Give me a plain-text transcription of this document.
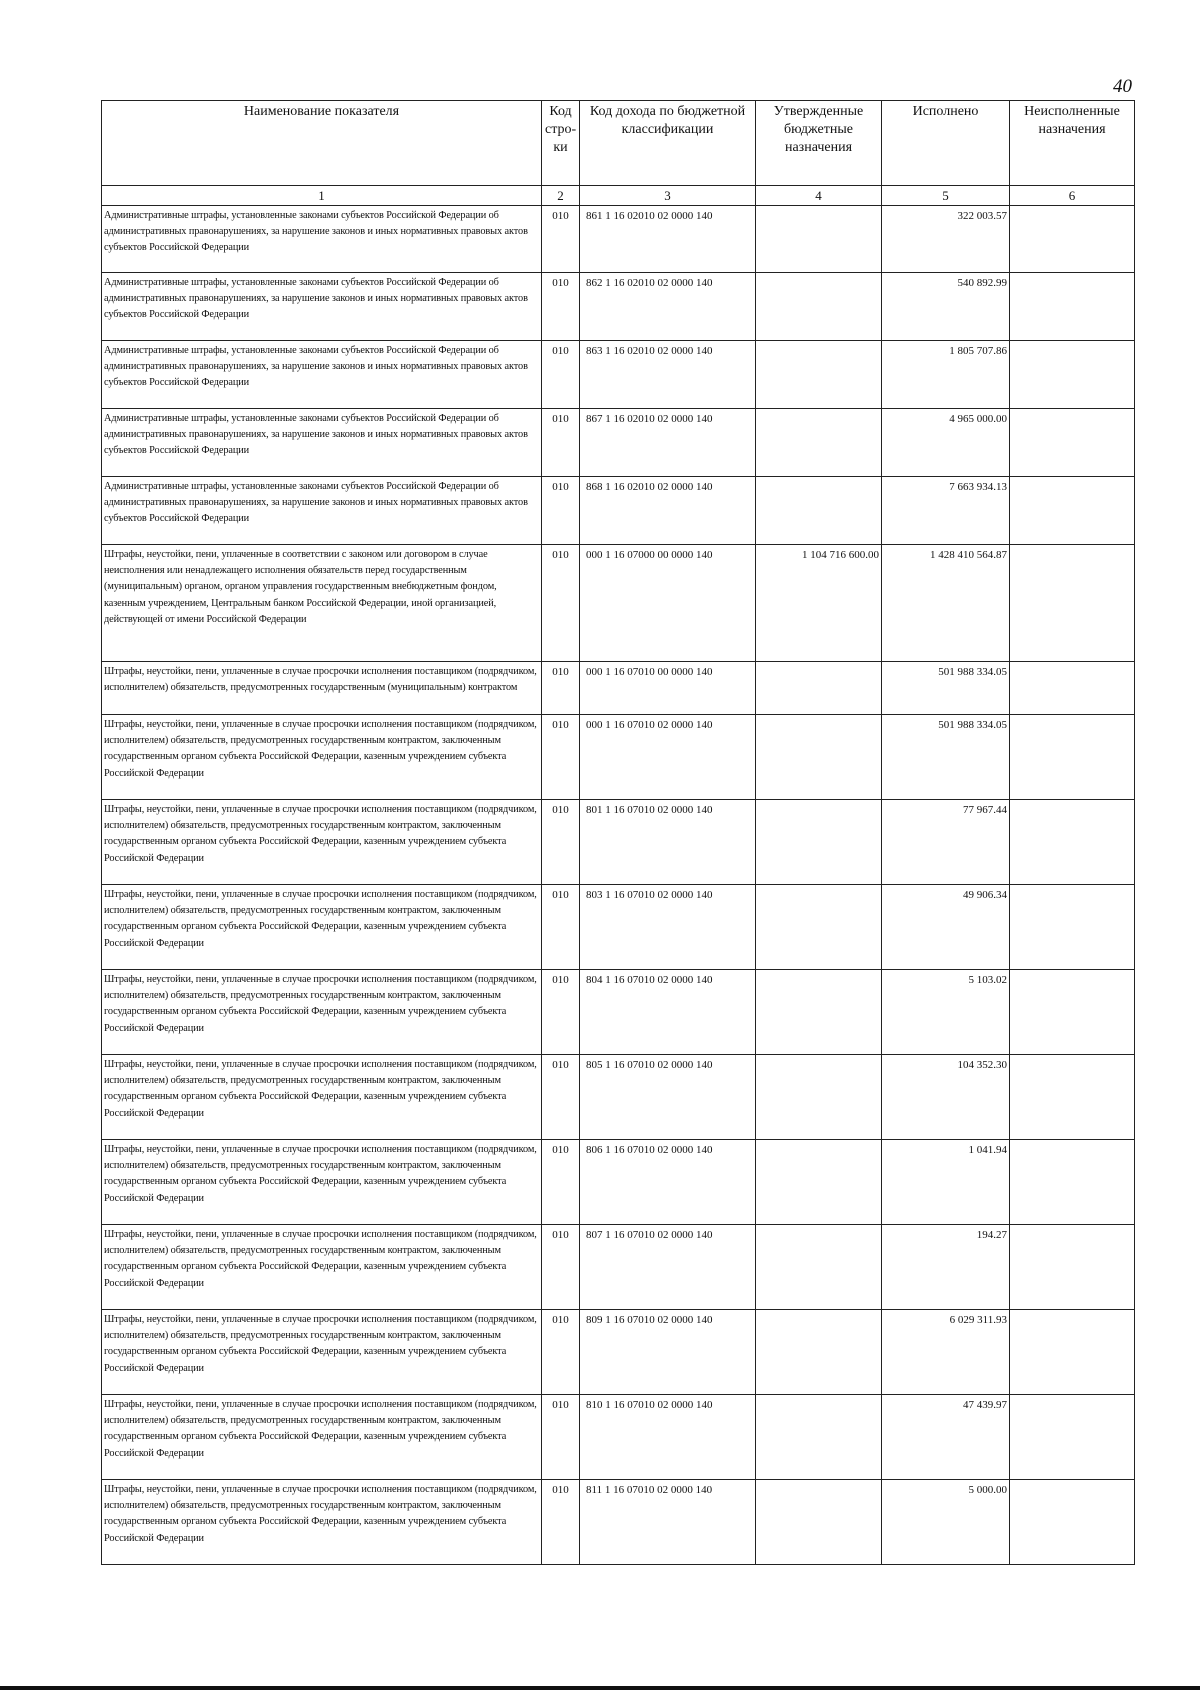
40
Наименование показателя	Код стро-ки	Код дохода по бюджетной классификации	Утвержденные бюджетные назначения	Исполнено	Неисполненные назначения
1	2	3	4	5	6
Административные штрафы, установленные законами субъектов Российской Федерации об административных правонарушениях, за нарушение законов и иных нормативных правовых актов субъектов Российской Федерации	010	861 1 16 02010 02 0000 140		322 003.57	
Административные штрафы, установленные законами субъектов Российской Федерации об административных правонарушениях, за нарушение законов и иных нормативных правовых актов субъектов Российской Федерации	010	862 1 16 02010 02 0000 140		540 892.99	
Административные штрафы, установленные законами субъектов Российской Федерации об административных правонарушениях, за нарушение законов и иных нормативных правовых актов субъектов Российской Федерации	010	863 1 16 02010 02 0000 140		1 805 707.86	
Административные штрафы, установленные законами субъектов Российской Федерации об административных правонарушениях, за нарушение законов и иных нормативных правовых актов субъектов Российской Федерации	010	867 1 16 02010 02 0000 140		4 965 000.00	
Административные штрафы, установленные законами субъектов Российской Федерации об административных правонарушениях, за нарушение законов и иных нормативных правовых актов субъектов Российской Федерации	010	868 1 16 02010 02 0000 140		7 663 934.13	
Штрафы, неустойки, пени, уплаченные в соответствии с законом или договором в случае неисполнения или ненадлежащего исполнения обязательств перед государственным (муниципальным) органом, органом управления государственным внебюджетным фондом, казенным учреждением, Центральным банком Российской Федерации, иной организацией, действующей от имени Российской Федерации	010	000 1 16 07000 00 0000 140	1 104 716 600.00	1 428 410 564.87	
Штрафы, неустойки, пени, уплаченные в случае просрочки исполнения поставщиком (подрядчиком, исполнителем) обязательств, предусмотренных государственным (муниципальным) контрактом	010	000 1 16 07010 00 0000 140		501 988 334.05	
Штрафы, неустойки, пени, уплаченные в случае просрочки исполнения поставщиком (подрядчиком, исполнителем) обязательств, предусмотренных государственным контрактом, заключенным государственным органом субъекта Российской Федерации, казенным учреждением субъекта Российской Федерации	010	000 1 16 07010 02 0000 140		501 988 334.05	
Штрафы, неустойки, пени, уплаченные в случае просрочки исполнения поставщиком (подрядчиком, исполнителем) обязательств, предусмотренных государственным контрактом, заключенным государственным органом субъекта Российской Федерации, казенным учреждением субъекта Российской Федерации	010	801 1 16 07010 02 0000 140		77 967.44	
Штрафы, неустойки, пени, уплаченные в случае просрочки исполнения поставщиком (подрядчиком, исполнителем) обязательств, предусмотренных государственным контрактом, заключенным государственным органом субъекта Российской Федерации, казенным учреждением субъекта Российской Федерации	010	803 1 16 07010 02 0000 140		49 906.34	
Штрафы, неустойки, пени, уплаченные в случае просрочки исполнения поставщиком (подрядчиком, исполнителем) обязательств, предусмотренных государственным контрактом, заключенным государственным органом субъекта Российской Федерации, казенным учреждением субъекта Российской Федерации	010	804 1 16 07010 02 0000 140		5 103.02	
Штрафы, неустойки, пени, уплаченные в случае просрочки исполнения поставщиком (подрядчиком, исполнителем) обязательств, предусмотренных государственным контрактом, заключенным государственным органом субъекта Российской Федерации, казенным учреждением субъекта Российской Федерации	010	805 1 16 07010 02 0000 140		104 352.30	
Штрафы, неустойки, пени, уплаченные в случае просрочки исполнения поставщиком (подрядчиком, исполнителем) обязательств, предусмотренных государственным контрактом, заключенным государственным органом субъекта Российской Федерации, казенным учреждением субъекта Российской Федерации	010	806 1 16 07010 02 0000 140		1 041.94	
Штрафы, неустойки, пени, уплаченные в случае просрочки исполнения поставщиком (подрядчиком, исполнителем) обязательств, предусмотренных государственным контрактом, заключенным государственным органом субъекта Российской Федерации, казенным учреждением субъекта Российской Федерации	010	807 1 16 07010 02 0000 140		194.27	
Штрафы, неустойки, пени, уплаченные в случае просрочки исполнения поставщиком (подрядчиком, исполнителем) обязательств, предусмотренных государственным контрактом, заключенным государственным органом субъекта Российской Федерации, казенным учреждением субъекта Российской Федерации	010	809 1 16 07010 02 0000 140		6 029 311.93	
Штрафы, неустойки, пени, уплаченные в случае просрочки исполнения поставщиком (подрядчиком, исполнителем) обязательств, предусмотренных государственным контрактом, заключенным государственным органом субъекта Российской Федерации, казенным учреждением субъекта Российской Федерации	010	810 1 16 07010 02 0000 140		47 439.97	
Штрафы, неустойки, пени, уплаченные в случае просрочки исполнения поставщиком (подрядчиком, исполнителем) обязательств, предусмотренных государственным контрактом, заключенным государственным органом субъекта Российской Федерации, казенным учреждением субъекта Российской Федерации	010	811 1 16 07010 02 0000 140		5 000.00	
